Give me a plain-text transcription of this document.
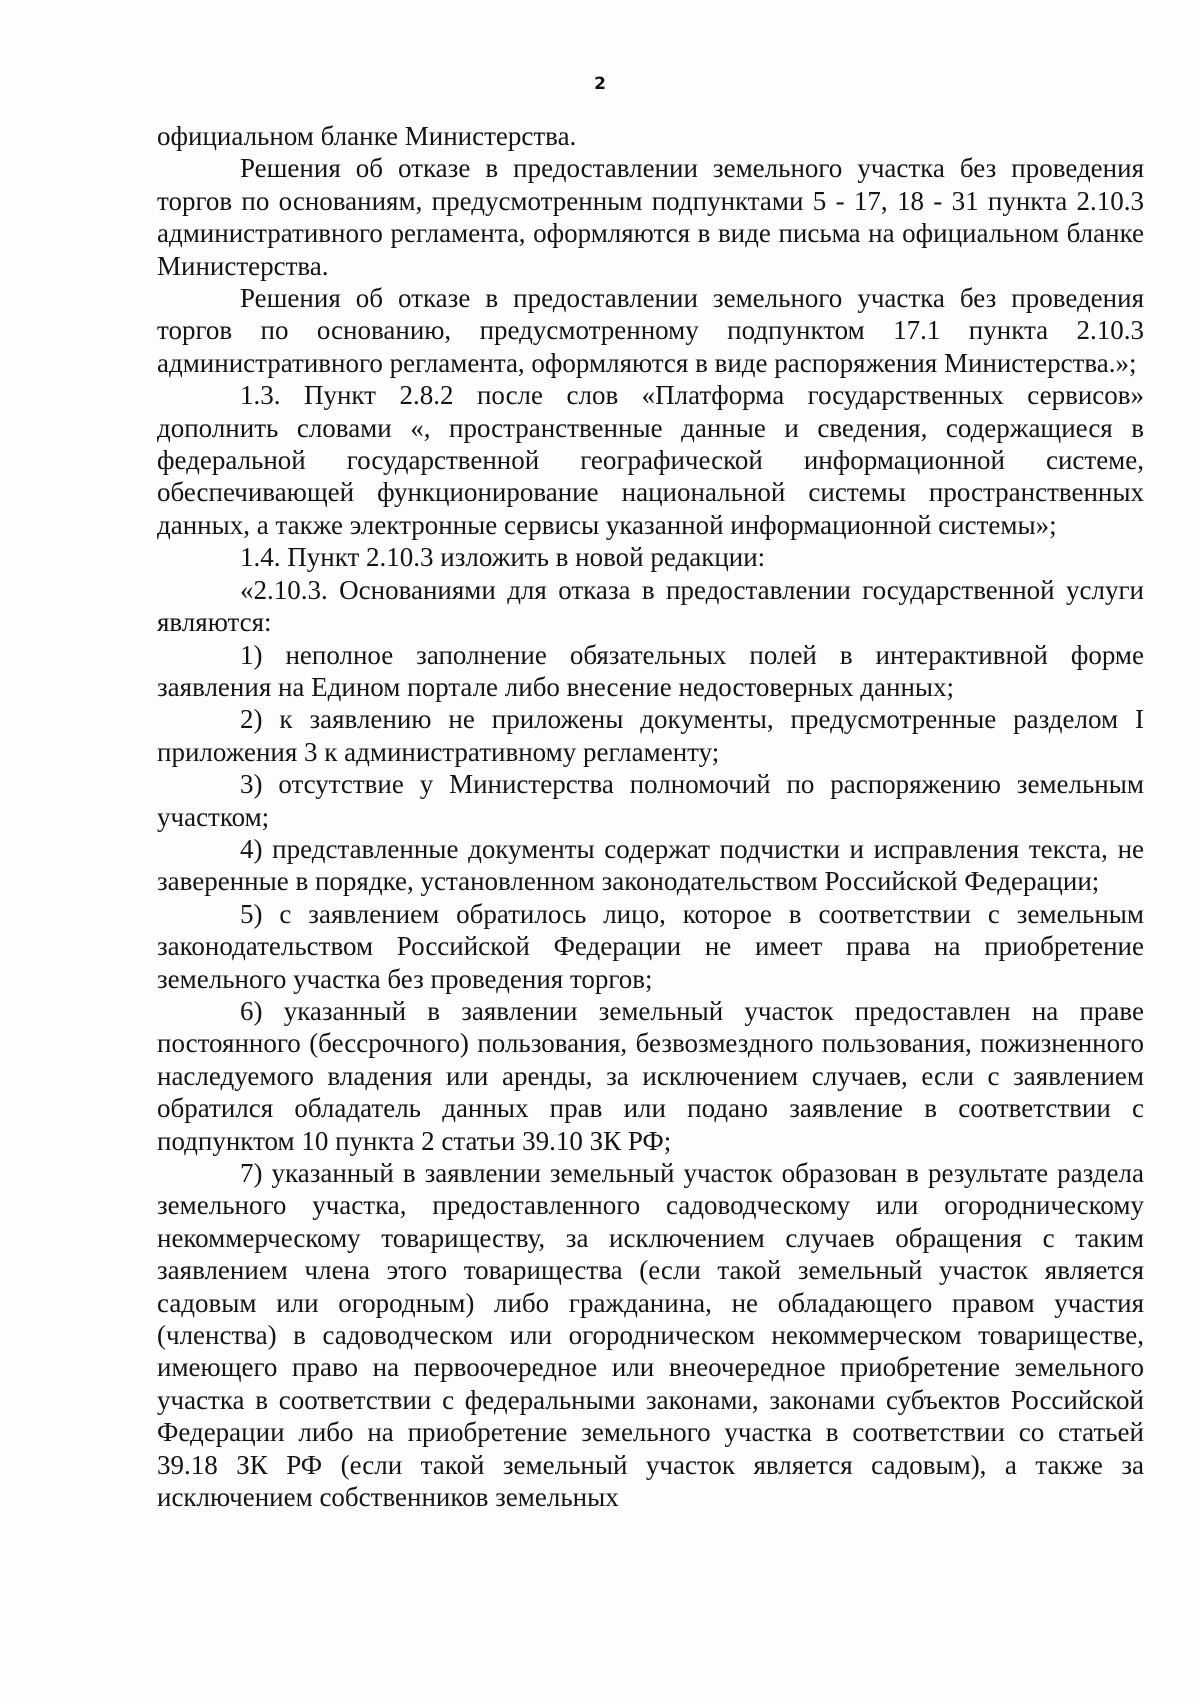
2

официальном бланке Министерства.

Решения об отказе в предоставлении земельного участка без проведения торгов по основаниям, предусмотренным подпунктами 5 - 17, 18 - 31 пункта 2.10.3 административного регламента, оформляются в виде письма на официальном бланке Министерства.

Решения об отказе в предоставлении земельного участка без проведения торгов по основанию, предусмотренному подпунктом 17.1 пункта 2.10.3 административного регламента, оформляются в виде распоряжения Министерства.»;

1.3. Пункт 2.8.2 после слов «Платформа государственных сервисов» дополнить словами «, пространственные данные и сведения, содержащиеся в федеральной государственной географической информационной системе, обеспечивающей функционирование национальной системы пространственных данных, а также электронные сервисы указанной информационной системы»;

1.4. Пункт 2.10.3 изложить в новой редакции:

«2.10.3. Основаниями для отказа в предоставлении государственной услуги являются:

1) неполное заполнение обязательных полей в интерактивной форме заявления на Едином портале либо внесение недостоверных данных;

2) к заявлению не приложены документы, предусмотренные разделом I приложения 3 к административному регламенту;

3) отсутствие у Министерства полномочий по распоряжению земельным участком;

4) представленные документы содержат подчистки и исправления текста, не заверенные в порядке, установленном законодательством Российской Федерации;

5) с заявлением обратилось лицо, которое в соответствии с земельным законодательством Российской Федерации не имеет права на приобретение земельного участка без проведения торгов;

6) указанный в заявлении земельный участок предоставлен на праве постоянного (бессрочного) пользования, безвозмездного пользования, пожизненного наследуемого владения или аренды, за исключением случаев, если с заявлением обратился обладатель данных прав или подано заявление в соответствии с подпунктом 10 пункта 2 статьи 39.10 ЗК РФ;

7) указанный в заявлении земельный участок образован в результате раздела земельного участка, предоставленного садоводческому или огородническому некоммерческому товариществу, за исключением случаев обращения с таким заявлением члена этого товарищества (если такой земельный участок является садовым или огородным) либо гражданина, не обладающего правом участия (членства) в садоводческом или огородническом некоммерческом товариществе, имеющего право на первоочередное или внеочередное приобретение земельного участка в соответствии с федеральными законами, законами субъектов Российской Федерации либо на приобретение земельного участка в соответствии со статьей 39.18 ЗК РФ (если такой земельный участок является садовым), а также за исключением собственников земельных
